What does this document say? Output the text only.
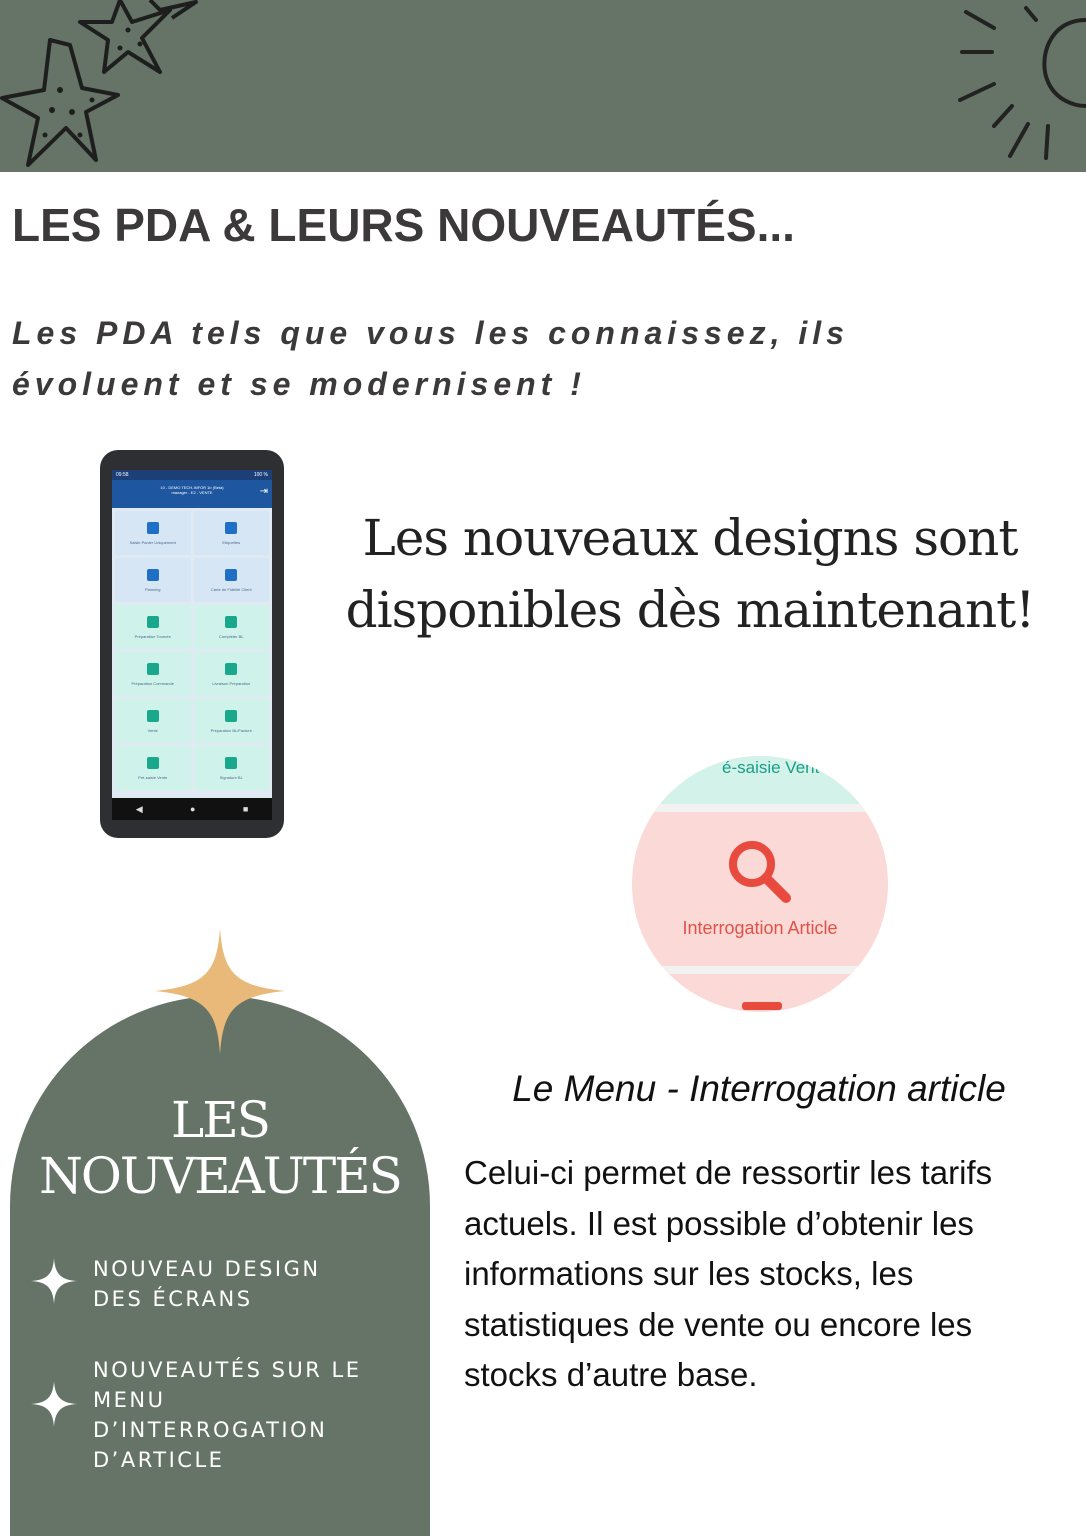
LES PDA & LEURS NOUVEAUTÉS...
Les PDA tels que vous les connaissez, ils
évoluent et se modernisent !
09:58	100 %
10 - DEMO TECH-INFOR 1b (Beta)
manager - E2 - VENTE	⇥
Saisie Panier Uniquement	Etiquettes
Planning	Carte de Fidélité Client
Préparation Tournée	Compléter BL
Préparation Commande	Livraison Préparation
Vente	Préparation BL/Facture
Pré-saisie Vente	Signature BL
◀	●	■
Les nouveaux designs sont
disponibles dès maintenant!
é-saisie Vent
Interrogation Article
LES
NOUVEAUTÉS
NOUVEAU DESIGN
DES ÉCRANS
NOUVEAUTÉS SUR LE
MENU
D’INTERROGATION
D’ARTICLE
Le Menu - Interrogation article
Celui-ci permet de ressortir les tarifs
actuels. Il est possible d’obtenir les
informations sur les stocks, les
statistiques de vente ou encore les
stocks d’autre base.
